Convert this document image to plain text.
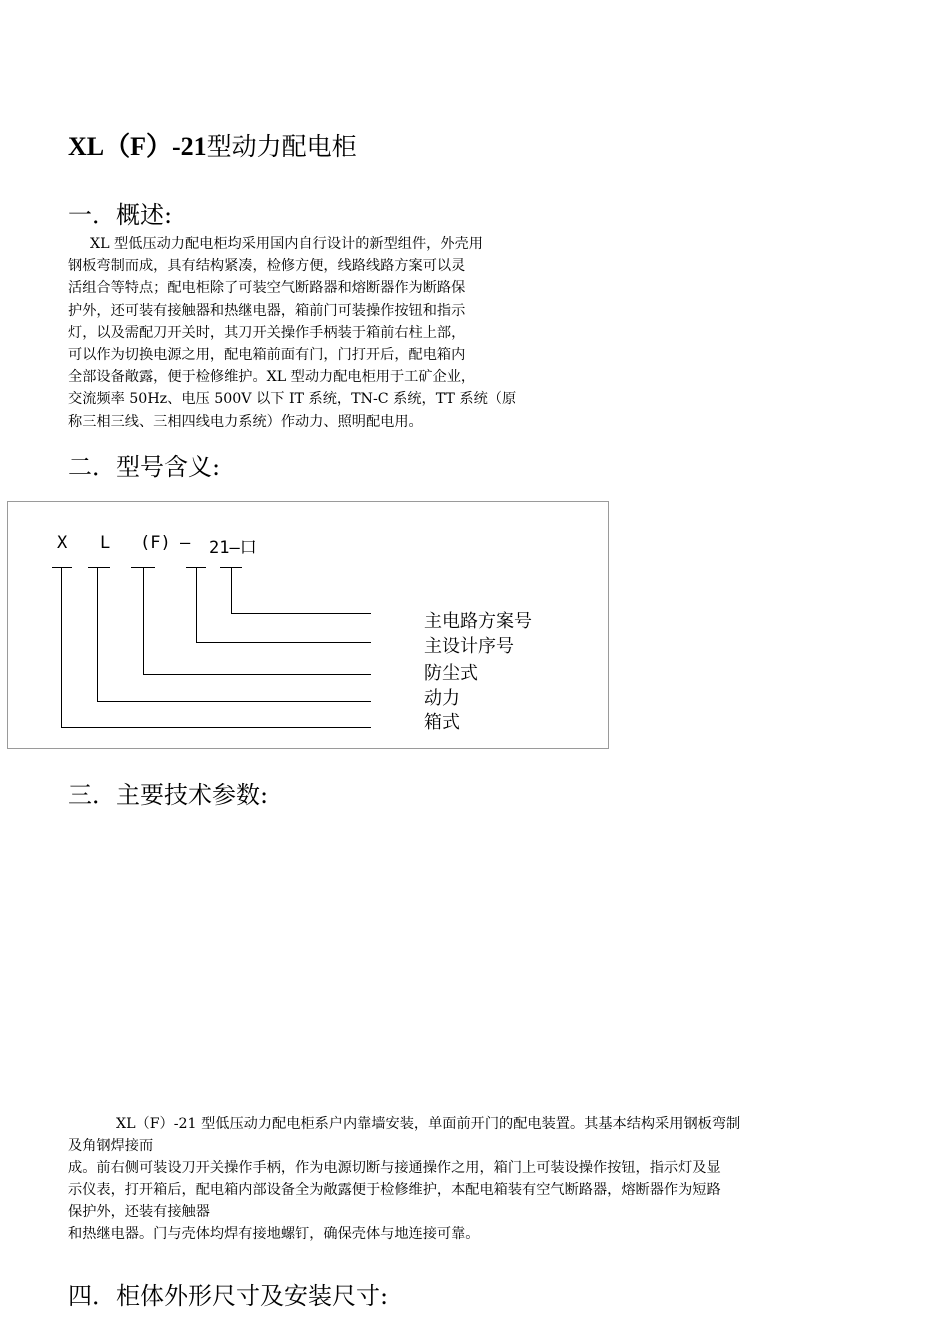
XL（F）-21型动力配电柜
一．概述:
XL 型低压动力配电柜均采用国内自行设计的新型组件，外壳用
钢板弯制而成，具有结构紧凑，检修方便，线路线路方案可以灵
活组合等特点；配电柜除了可装空气断路器和熔断器作为断路保
护外，还可装有接触器和热继电器，箱前门可装操作按钮和指示
灯，以及需配刀开关时，其刀开关操作手柄装于箱前右柱上部，
可以作为切换电源之用，配电箱前面有门，门打开后，配电箱内
全部设备敞露，便于检修维护。XL 型动力配电柜用于工矿企业，
交流频率 50Hz、电压 500V 以下 IT 系统，TN-C 系统，TT 系统（原
称三相三线、三相四线电力系统）作动力、照明配电用。
二．型号含义:
X L (F) — 21—口
主电路方案号
主设计序号
防尘式
动力
箱式
三．主要技术参数:
XL（F）-21 型低压动力配电柜系户内靠墙安装，单面前开门的配电装置。其基本结构采用钢板弯制
及角钢焊接而
成。前右侧可装设刀开关操作手柄，作为电源切断与接通操作之用，箱门上可装设操作按钮，指示灯及显
示仪表，打开箱后，配电箱内部设备全为敞露便于检修维护，本配电箱装有空气断路器，熔断器作为短路
保护外，还装有接触器
和热继电器。门与壳体均焊有接地螺钉，确保壳体与地连接可靠。
四．柜体外形尺寸及安装尺寸:
